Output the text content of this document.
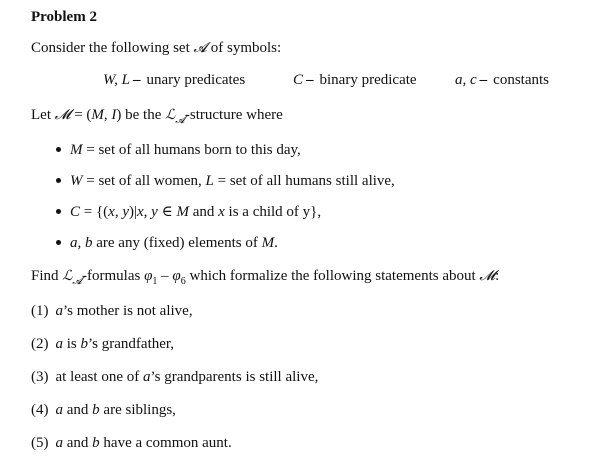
Problem 2
Consider the following set 𝓐 of symbols:
W, L – unary predicates	C – binary predicate	a, c – constants
Let 𝓜 = (M, I) be the ℒ$_𝓐$-structure where
M = set of all humans born to this day,
W = set of all women, L = set of all humans still alive,
C = {(x, y)|x, y ∈ M and x is a child of y},
a, b are any (fixed) elements of M.
Find ℒ$_𝓐$-formulas $\varphi_1 - \varphi_6$ which formalize the following statements about 𝓜:
(1) a’s mother is not alive,
(2) a is b’s grandfather,
(3) at least one of a’s grandparents is still alive,
(4) a and b are siblings,
(5) a and b have a common aunt.
